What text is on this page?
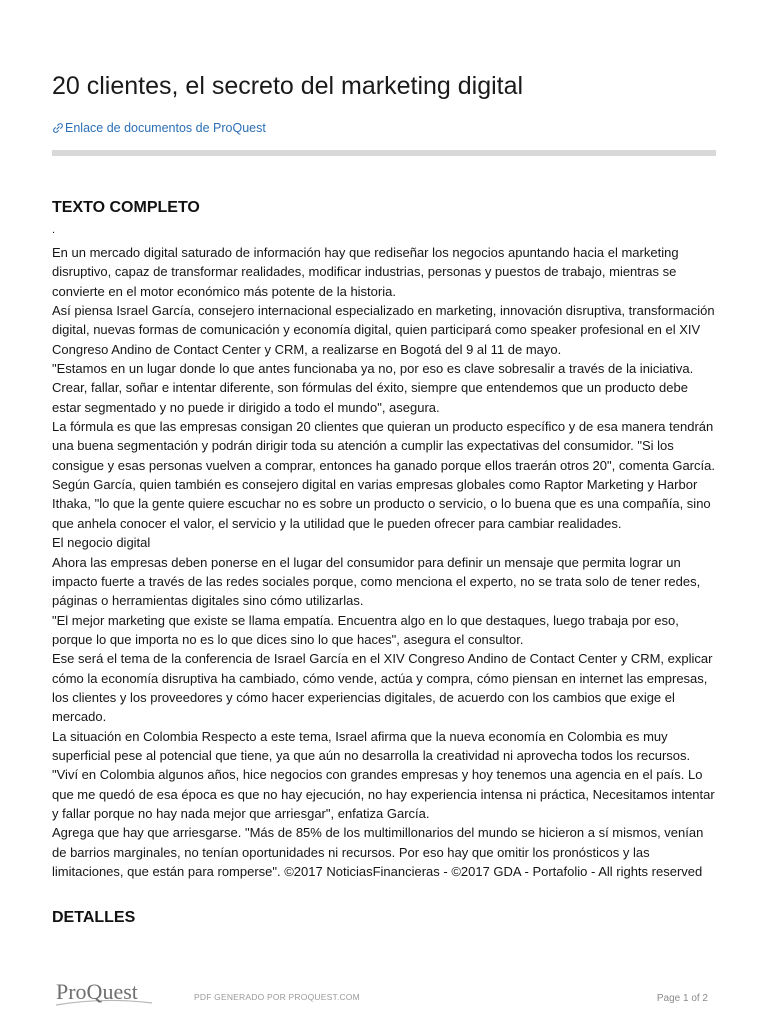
20 clientes, el secreto del marketing digital
Enlace de documentos de ProQuest
TEXTO COMPLETO
.

En un mercado digital saturado de información hay que rediseñar los negocios apuntando hacia el marketing disruptivo, capaz de transformar realidades, modificar industrias, personas y puestos de trabajo, mientras se convierte en el motor económico más potente de la historia.

Así piensa Israel García, consejero internacional especializado en marketing, innovación disruptiva, transformación digital, nuevas formas de comunicación y economía digital, quien participará como speaker profesional en el XIV Congreso Andino de Contact Center y CRM, a realizarse en Bogotá del 9 al 11 de mayo.

"Estamos en un lugar donde lo que antes funcionaba ya no, por eso es clave sobresalir a través de la iniciativa. Crear, fallar, soñar e intentar diferente, son fórmulas del éxito, siempre que entendemos que un producto debe estar segmentado y no puede ir dirigido a todo el mundo", asegura.

La fórmula es que las empresas consigan 20 clientes que quieran un producto específico y de esa manera tendrán una buena segmentación y podrán dirigir toda su atención a cumplir las expectativas del consumidor. "Si los consigue y esas personas vuelven a comprar, entonces ha ganado porque ellos traerán otros 20", comenta García.

Según García, quien también es consejero digital en varias empresas globales como Raptor Marketing y Harbor Ithaka, "lo que la gente quiere escuchar no es sobre un producto o servicio, o lo buena que es una compañía, sino que anhela conocer el valor, el servicio y la utilidad que le pueden ofrecer para cambiar realidades.

El negocio digital

Ahora las empresas deben ponerse en el lugar del consumidor para definir un mensaje que permita lograr un impacto fuerte a través de las redes sociales porque, como menciona el experto, no se trata solo de tener redes, páginas o herramientas digitales sino cómo utilizarlas.

"El mejor marketing que existe se llama empatía. Encuentra algo en lo que destaques, luego trabaja por eso, porque lo que importa no es lo que dices sino lo que haces", asegura el consultor.

Ese será el tema de la conferencia de Israel García en el XIV Congreso Andino de Contact Center y CRM, explicar cómo la economía disruptiva ha cambiado, cómo vende, actúa y compra, cómo piensan en internet las empresas, los clientes y los proveedores y cómo hacer experiencias digitales, de acuerdo con los cambios que exige el mercado.

La situación en Colombia Respecto a este tema, Israel afirma que la nueva economía en Colombia es muy superficial pese al potencial que tiene, ya que aún no desarrolla la creatividad ni aprovecha todos los recursos.

"Viví en Colombia algunos años, hice negocios con grandes empresas y hoy tenemos una agencia en el país. Lo que me quedó de esa época es que no hay ejecución, no hay experiencia intensa ni práctica, Necesitamos intentar y fallar porque no hay nada mejor que arriesgar", enfatiza García.

Agrega que hay que arriesgarse. "Más de 85% de los multimillonarios del mundo se hicieron a sí mismos, venían de barrios marginales, no tenían oportunidades ni recursos. Por eso hay que omitir los pronósticos y las limitaciones, que están para romperse". ©2017 NoticiasFinancieras - ©2017 GDA - Portafolio - All rights reserved

DETALLES
ProQuest	PDF GENERADO POR PROQUEST.COM	Page 1 of 2
